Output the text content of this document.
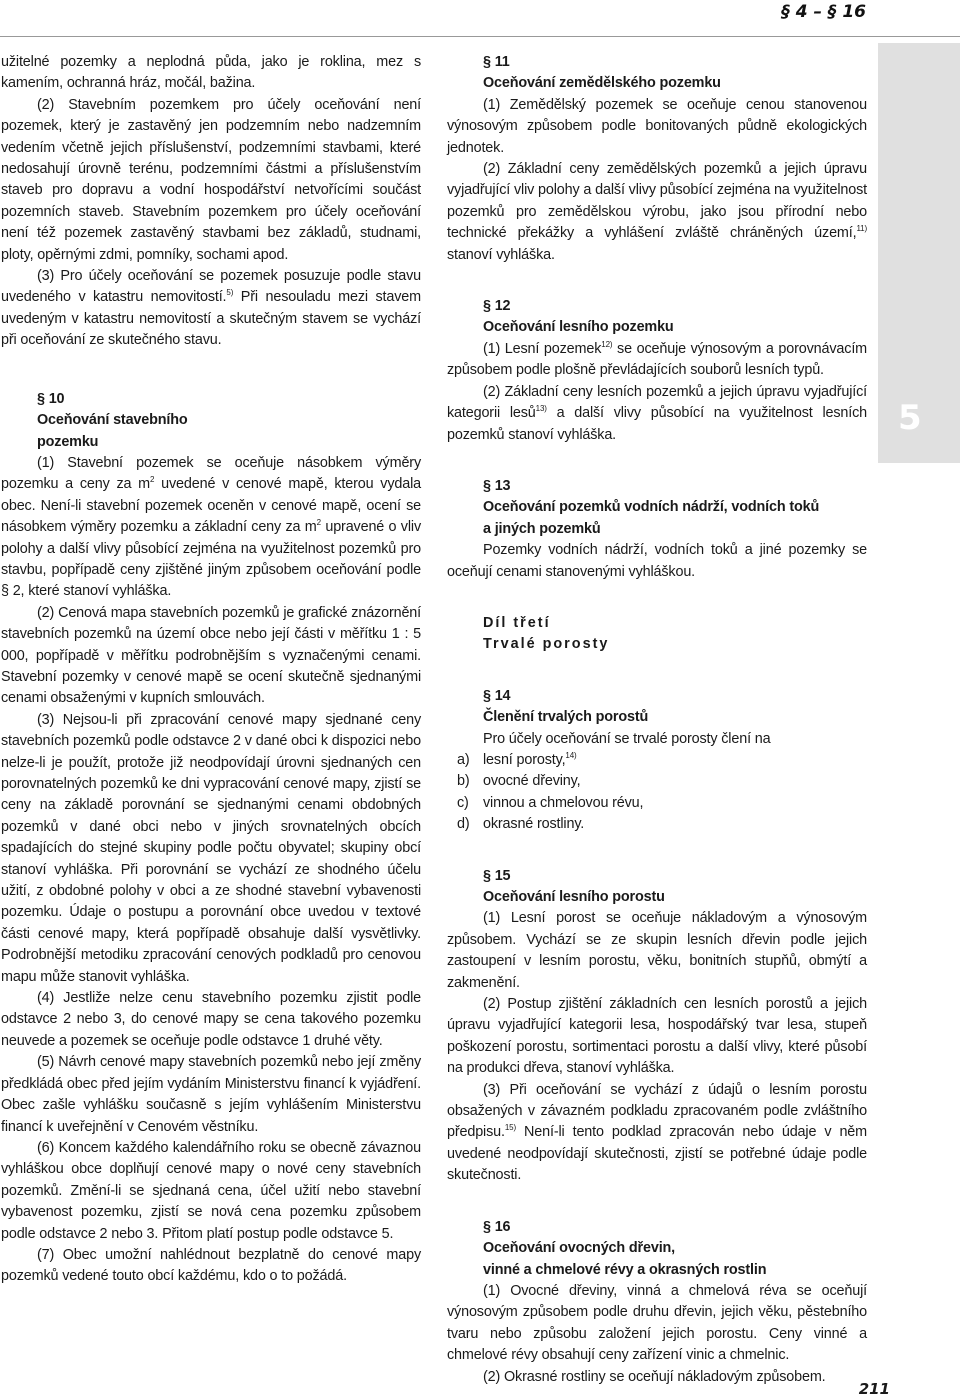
§ 4 – § 16
5

užitelné pozemky a neplodná půda, jako je roklina, mez s kamením, ochranná hráz, močál, bažina.

(2) Stavebním pozemkem pro účely oceňování není pozemek, který je zastavěný jen podzemním nebo nadzemním vedením včetně jejich příslušenství, podzemními stavbami, které nedosahují úrovně terénu, podzemními částmi a příslušenstvím staveb pro dopravu a vodní hospodářství netvořícími součást pozemních staveb. Stavebním pozemkem pro účely oceňování není též pozemek zastavěný stavbami bez základů, studnami, ploty, opěrnými zdmi, pomníky, sochami apod.

(3) Pro účely oceňování se pozemek posuzuje podle stavu uvedeného v katastru nemovitostí.$^{5)}$ Při nesouladu mezi stavem uvedeným v katastru nemovitostí a skutečným stavem se vychází při oceňování ze skutečného stavu.

§ 10

Oceňování stavebního

pozemku

(1) Stavební pozemek se oceňuje násobkem výměry pozemku a ceny za $m^2$ uvedené v cenové mapě, kterou vydala obec. Není-li stavební pozemek oceněn v cenové mapě, ocení se násobkem výměry pozemku a základní ceny za $m^2$ upravené o vliv polohy a další vlivy působící zejména na využitelnost pozemků pro stavbu, popřípadě ceny zjištěné jiným způsobem oceňování podle § 2, které stanoví vyhláška.

(2) Cenová mapa stavebních pozemků je grafické znázornění stavebních pozemků na území obce nebo její části v měřítku 1 : 5 000, popřípadě v měřítku podrobnějším s vyznačenými cenami. Stavební pozemky v cenové mapě se ocení skutečně sjednanými cenami obsaženými v kupních smlouvách.

(3) Nejsou-li při zpracování cenové mapy sjednané ceny stavebních pozemků podle odstavce 2 v dané obci k dispozici nebo nelze-li je použít, protože již neodpovídají úrovni sjednaných cen porovnatelných pozemků ke dni vypracování cenové mapy, zjistí se ceny na základě porovnání se sjednanými cenami obdobných pozemků v dané obci nebo v jiných srovnatelných obcích spadajících do stejné skupiny podle počtu obyvatel; skupiny obcí stanoví vyhláška. Při porovnání se vychází ze shodného účelu užití, z obdobné polohy v obci a ze shodné stavební vybavenosti pozemku. Údaje o postupu a porovnání obce uvedou v textové části cenové mapy, která popřípadě obsahuje další vysvětlivky. Podrobnější metodiku zpracování cenových podkladů pro cenovou mapu může stanovit vyhláška.

(4) Jestliže nelze cenu stavebního pozemku zjistit podle odstavce 2 nebo 3, do cenové mapy se cena takového pozemku neuvede a pozemek se oceňuje podle odstavce 1 druhé věty.

(5) Návrh cenové mapy stavebních pozemků nebo její změny předkládá obec před jejím vydáním Ministerstvu financí k vyjádření. Obec zašle vyhlášku současně s jejím vyhlášením Ministerstvu financí k uveřejnění v Cenovém věstníku.

(6) Koncem každého kalendářního roku se obecně závaznou vyhláškou obce doplňují cenové mapy o nové ceny stavebních pozemků. Změní-li se sjednaná cena, účel užití nebo stavební vybavenost pozemku, zjistí se nová cena pozemku způsobem podle odstavce 2 nebo 3. Přitom platí postup podle odstavce 5.

(7) Obec umožní nahlédnout bezplatně do cenové mapy pozemků vedené touto obcí každému, kdo o to požádá.

§ 11

Oceňování zemědělského pozemku

(1) Zemědělský pozemek se oceňuje cenou stanovenou výnosovým způsobem podle bonitovaných půdně ekologických jednotek.

(2) Základní ceny zemědělských pozemků a jejich úpravu vyjadřující vliv polohy a další vlivy působící zejména na využitelnost pozemků pro zemědělskou výrobu, jako jsou přírodní nebo technické překážky a vyhlášení zvláště chráněných území,$^{11)}$ stanoví vyhláška.

§ 12

Oceňování lesního pozemku

(1) Lesní pozemek$^{12)}$ se oceňuje výnosovým a porovnávacím způsobem podle plošně převládajících souborů lesních typů.

(2) Základní ceny lesních pozemků a jejich úpravu vyjadřující kategorii lesů$^{13)}$ a další vlivy působící na využitelnost lesních pozemků stanoví vyhláška.

§ 13

Oceňování pozemků vodních nádrží, vodních toků

a jiných pozemků

Pozemky vodních nádrží, vodních toků a jiné pozemky se oceňují cenami stanovenými vyhláškou.

Díl třetí

Trvalé porosty

§ 14

Členění trvalých porostů

Pro účely oceňování se trvalé porosty člení na

a) lesní porosty,$^{14)}$
b) ovocné dřeviny,
c) vinnou a chmelovou révu,
d) okrasné rostliny.

§ 15

Oceňování lesního porostu

(1) Lesní porost se oceňuje nákladovým a výnosovým způsobem. Vychází se ze skupin lesních dřevin podle jejich zastoupení v lesním porostu, věku, bonitních stupňů, obmýtí a zakmenění.

(2) Postup zjištění základních cen lesních porostů a jejich úpravu vyjadřující kategorii lesa, hospodářský tvar lesa, stupeň poškození porostu, sortimentaci porostu a další vlivy, které působí na produkci dřeva, stanoví vyhláška.

(3) Při oceňování se vychází z údajů o lesním porostu obsažených v závazném podkladu zpracovaném podle zvláštního předpisu.$^{15)}$ Není-li tento podklad zpracován nebo údaje v něm uvedené neodpovídají skutečnosti, zjistí se potřebné údaje podle skutečnosti.

§ 16

Oceňování ovocných dřevin,

vinné a chmelové révy a okrasných rostlin

(1) Ovocné dřeviny, vinná a chmelová réva se oceňují výnosovým způsobem podle druhu dřevin, jejich věku, pěstebního tvaru nebo způsobu založení jejich porostu. Ceny vinné a chmelové révy obsahují ceny zařízení vinic a chmelnic.

(2) Okrasné rostliny se oceňují nákladovým způsobem.

211
